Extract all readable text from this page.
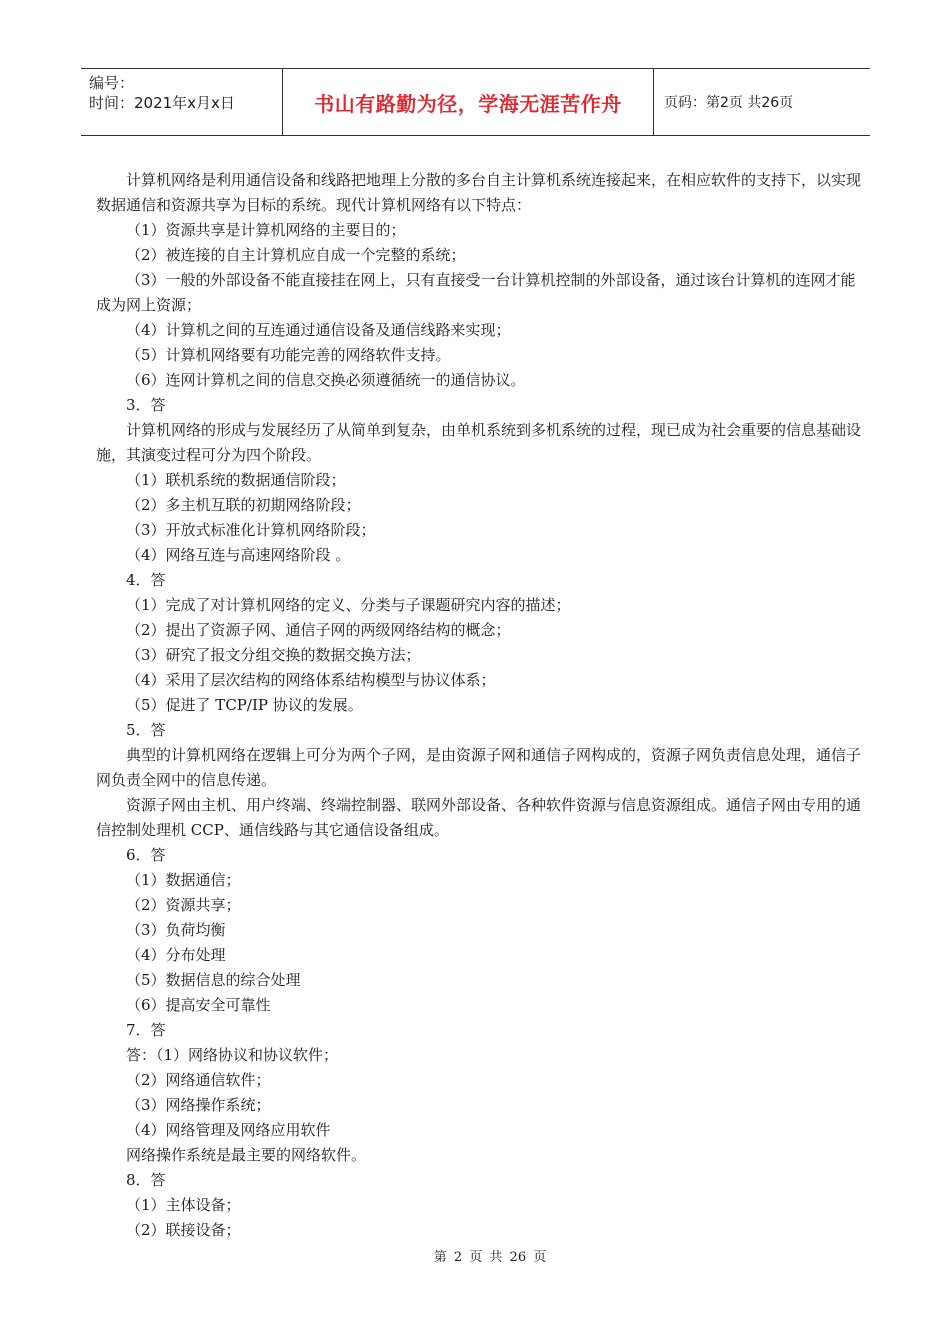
编号：
时间：2021年x月x日	书山有路勤为径，学海无涯苦作舟	页码：第2页 共26页

计算机网络是利用通信设备和线路把地理上分散的多台自主计算机系统连接起来，在相应软件的支持下，以实现数据通信和资源共享为目标的系统。现代计算机网络有以下特点：

（1）资源共享是计算机网络的主要目的；

（2）被连接的自主计算机应自成一个完整的系统；

（3）一般的外部设备不能直接挂在网上，只有直接受一台计算机控制的外部设备，通过该台计算机的连网才能成为网上资源；

（4）计算机之间的互连通过通信设备及通信线路来实现；

（5）计算机网络要有功能完善的网络软件支持。

（6）连网计算机之间的信息交换必须遵循统一的通信协议。

3．答

计算机网络的形成与发展经历了从简单到复杂，由单机系统到多机系统的过程，现已成为社会重要的信息基础设施，其演变过程可分为四个阶段。

（1）联机系统的数据通信阶段；

（2）多主机互联的初期网络阶段；

（3）开放式标准化计算机网络阶段；

（4）网络互连与高速网络阶段 。

4．答

（1）完成了对计算机网络的定义、分类与子课题研究内容的描述；

（2）提出了资源子网、通信子网的两级网络结构的概念；

（3）研究了报文分组交换的数据交换方法；

（4）采用了层次结构的网络体系结构模型与协议体系；

（5）促进了 TCP/IP 协议的发展。

5．答

典型的计算机网络在逻辑上可分为两个子网，是由资源子网和通信子网构成的，资源子网负责信息处理，通信子网负责全网中的信息传递。

资源子网由主机、用户终端、终端控制器、联网外部设备、各种软件资源与信息资源组成。通信子网由专用的通信控制处理机 CCP、通信线路与其它通信设备组成。

6．答

（1）数据通信；

（2）资源共享；

（3）负荷均衡

（4）分布处理

（5）数据信息的综合处理

（6）提高安全可靠性

7．答

答：（1）网络协议和协议软件；

（2）网络通信软件；

（3）网络操作系统；

（4）网络管理及网络应用软件

网络操作系统是最主要的网络软件。

8．答

（1）主体设备；

（2）联接设备；

第 2 页 共 26 页
